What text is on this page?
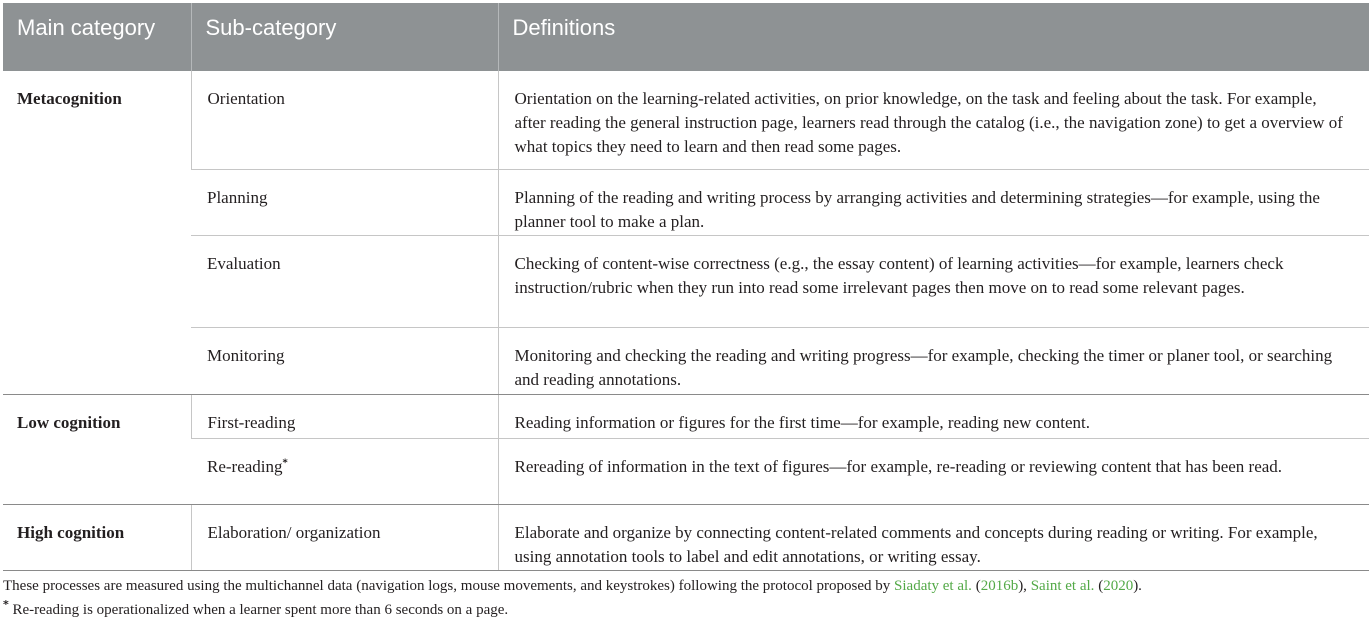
Main category	Sub-category	Definitions
Metacognition	Orientation	Orientation on the learning-related activities, on prior knowledge, on the task and feeling about the task. For example, after reading the general instruction page, learners read through the catalog (i.e., the navigation zone) to get a overview of what topics they need to learn and then read some pages.
	Planning	Planning of the reading and writing process by arranging activities and determining strategies—for example, using the planner tool to make a plan.
	Evaluation	Checking of content-wise correctness (e.g., the essay content) of learning activities—for example, learners check instruction/rubric when they run into read some irrelevant pages then move on to read some relevant pages.
	Monitoring	Monitoring and checking the reading and writing progress—for example, checking the timer or planer tool, or searching and reading annotations.
Low cognition	First-reading	Reading information or figures for the first time—for example, reading new content.
	Re-reading*	Rereading of information in the text of figures—for example, re-reading or reviewing content that has been read.
High cognition	Elaboration/ organization	Elaborate and organize by connecting content-related comments and concepts during reading or writing. For example, using annotation tools to label and edit annotations, or writing essay.
These processes are measured using the multichannel data (navigation logs, mouse movements, and keystrokes) following the protocol proposed by Siadaty et al. (2016b), Saint et al. (2020).
* Re-reading is operationalized when a learner spent more than 6 seconds on a page.
